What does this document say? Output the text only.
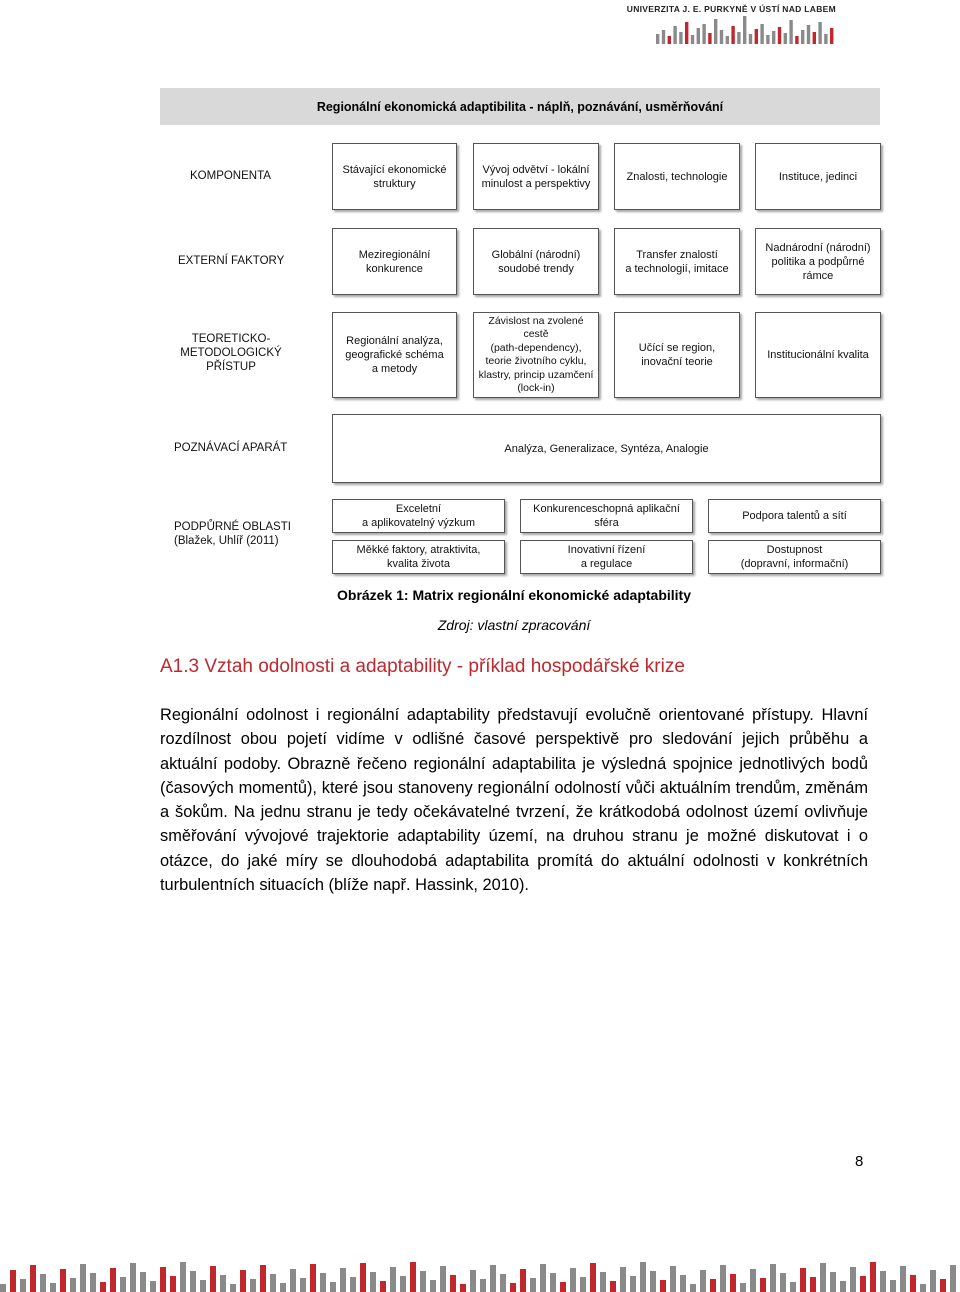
UNIVERZITA J. E. PURKYNĚ V ÚSTÍ NAD LABEM
Regionální ekonomická adaptibilita - náplň, poznávání, usměrňování
KOMPONENTA
Stávající ekonomické
struktury
Vývoj odvětví - lokální
minulost a perspektivy
Znalosti, technologie	Instituce, jedinci
EXTERNÍ FAKTORY
Meziregionální
konkurence
Globální (národní)
soudobé trendy
Transfer znalostí
a technologií, imitace
Nadnárodní (národní)
politika a podpůrné
rámce
TEORETICKO-
METODOLOGICKÝ
PŘÍSTUP
Regionální analýza,
geografické schéma
a metody
Závislost na zvolené
cestě
(path-dependency),
teorie životního cyklu,
klastry, princip uzamčení
(lock-in)
Učící se region,
inovační teorie
Institucionální kvalita
POZNÁVACÍ APARÁT	Analýza, Generalizace, Syntéza, Analogie
PODPŮRNÉ OBLASTI
(Blažek, Uhlíř (2011)
Exceletní
a aplikovatelný výzkum
Konkurenceschopná aplikační
sféra
Podpora talentů a sítí
Měkké faktory, atraktivita,
kvalita života
Inovativní řízení
a regulace
Dostupnost
(dopravní, informační)
Obrázek 1: Matrix regionální ekonomické adaptability
Zdroj: vlastní zpracování
A1.3 Vztah odolnosti a adaptability - příklad hospodářské krize
Regionální odolnost i regionální adaptability představují evolučně orientované přístupy. Hlavní rozdílnost obou pojetí vidíme v odlišné časové perspektivě pro sledování jejich průběhu a aktuální podoby. Obrazně řečeno regionální adaptabilita je výsledná spojnice jednotlivých bodů (časových momentů), které jsou stanoveny regionální odolností vůči aktuálním trendům, změnám a šokům. Na jednu stranu je tedy očekávatelné tvrzení, že krátkodobá odolnost území ovlivňuje směřování vývojové trajektorie adaptability území, na druhou stranu je možné diskutovat i o otázce, do jaké míry se dlouhodobá adaptabilita promítá do aktuální odolnosti v konkrétních turbulentních situacích (blíže např. Hassink, 2010).
8
